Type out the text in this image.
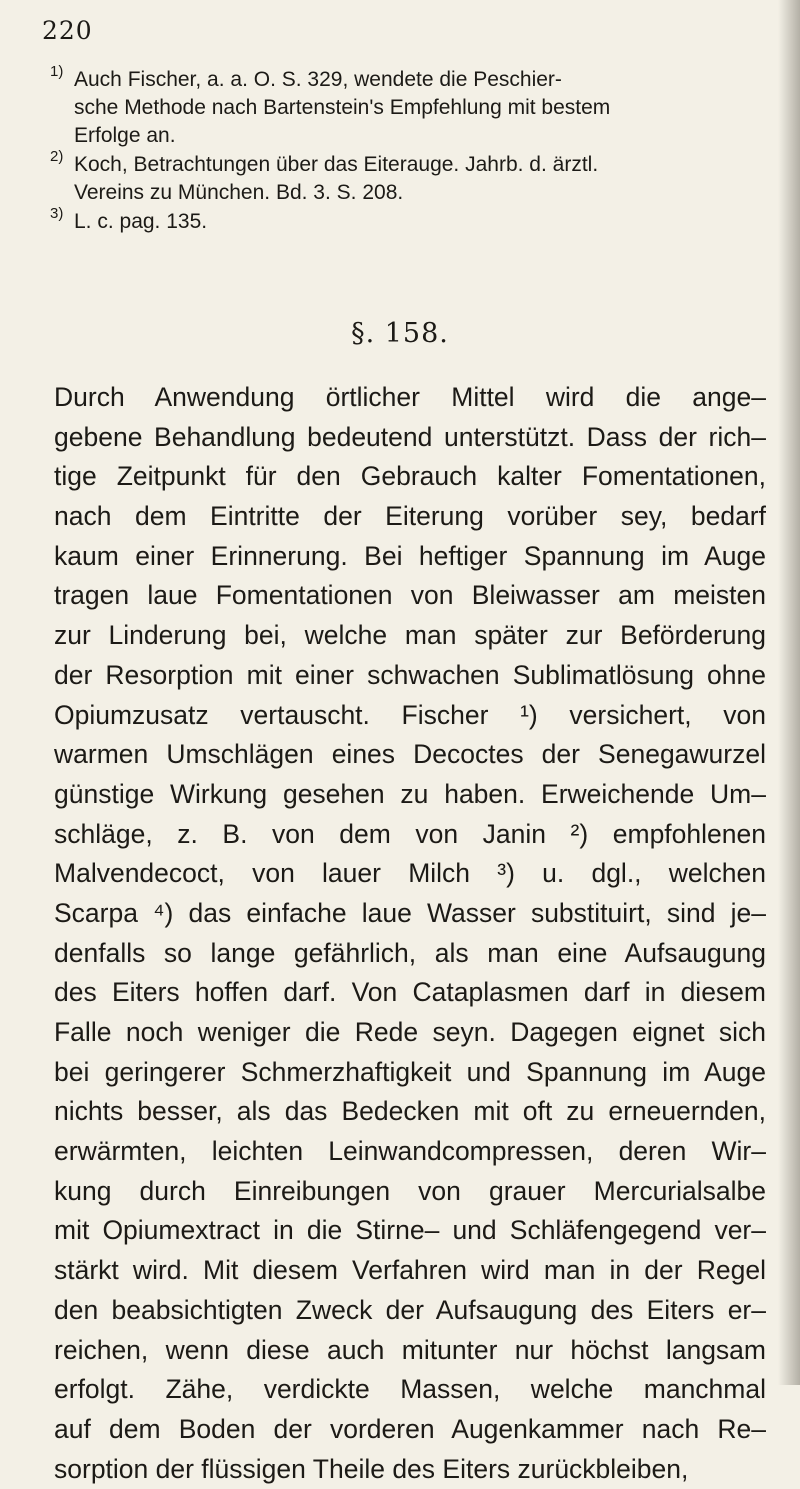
220
1) Auch Fischer, a. a. O. S. 329, wendete die Peschier-
sche Methode nach Bartenstein's Empfehlung mit bestem
Erfolge an.
2) Koch, Betrachtungen über das Eiterauge. Jahrb. d. ärztl.
Vereins zu München. Bd. 3. S. 208.
3) L. c. pag. 135.
§. 158.
Durch Anwendung örtlicher Mittel wird die ange–
gebene Behandlung bedeutend unterstützt. Dass der rich–
tige Zeitpunkt für den Gebrauch kalter Fomentationen,
nach dem Eintritte der Eiterung vorüber sey, bedarf
kaum einer Erinnerung. Bei heftiger Spannung im Auge
tragen laue Fomentationen von Bleiwasser am meisten
zur Linderung bei, welche man später zur Beförderung
der Resorption mit einer schwachen Sublimatlösung ohne
Opiumzusatz vertauscht. Fischer ¹) versichert, von
warmen Umschlägen eines Decoctes der Senegawurzel
günstige Wirkung gesehen zu haben. Erweichende Um–
schläge, z. B. von dem von Janin ²) empfohlenen
Malvendecoct, von lauer Milch ³) u. dgl., welchen
Scarpa ⁴) das einfache laue Wasser substituirt, sind je–
denfalls so lange gefährlich, als man eine Aufsaugung
des Eiters hoffen darf. Von Cataplasmen darf in diesem
Falle noch weniger die Rede seyn. Dagegen eignet sich
bei geringerer Schmerzhaftigkeit und Spannung im Auge
nichts besser, als das Bedecken mit oft zu erneuernden,
erwärmten, leichten Leinwandcompressen, deren Wir–
kung durch Einreibungen von grauer Mercurialsalbe
mit Opiumextract in die Stirne– und Schläfengegend ver–
stärkt wird. Mit diesem Verfahren wird man in der Regel
den beabsichtigten Zweck der Aufsaugung des Eiters er–
reichen, wenn diese auch mitunter nur höchst langsam
erfolgt. Zähe, verdickte Massen, welche manchmal
auf dem Boden der vorderen Augenkammer nach Re–
sorption der flüssigen Theile des Eiters zurückbleiben,
